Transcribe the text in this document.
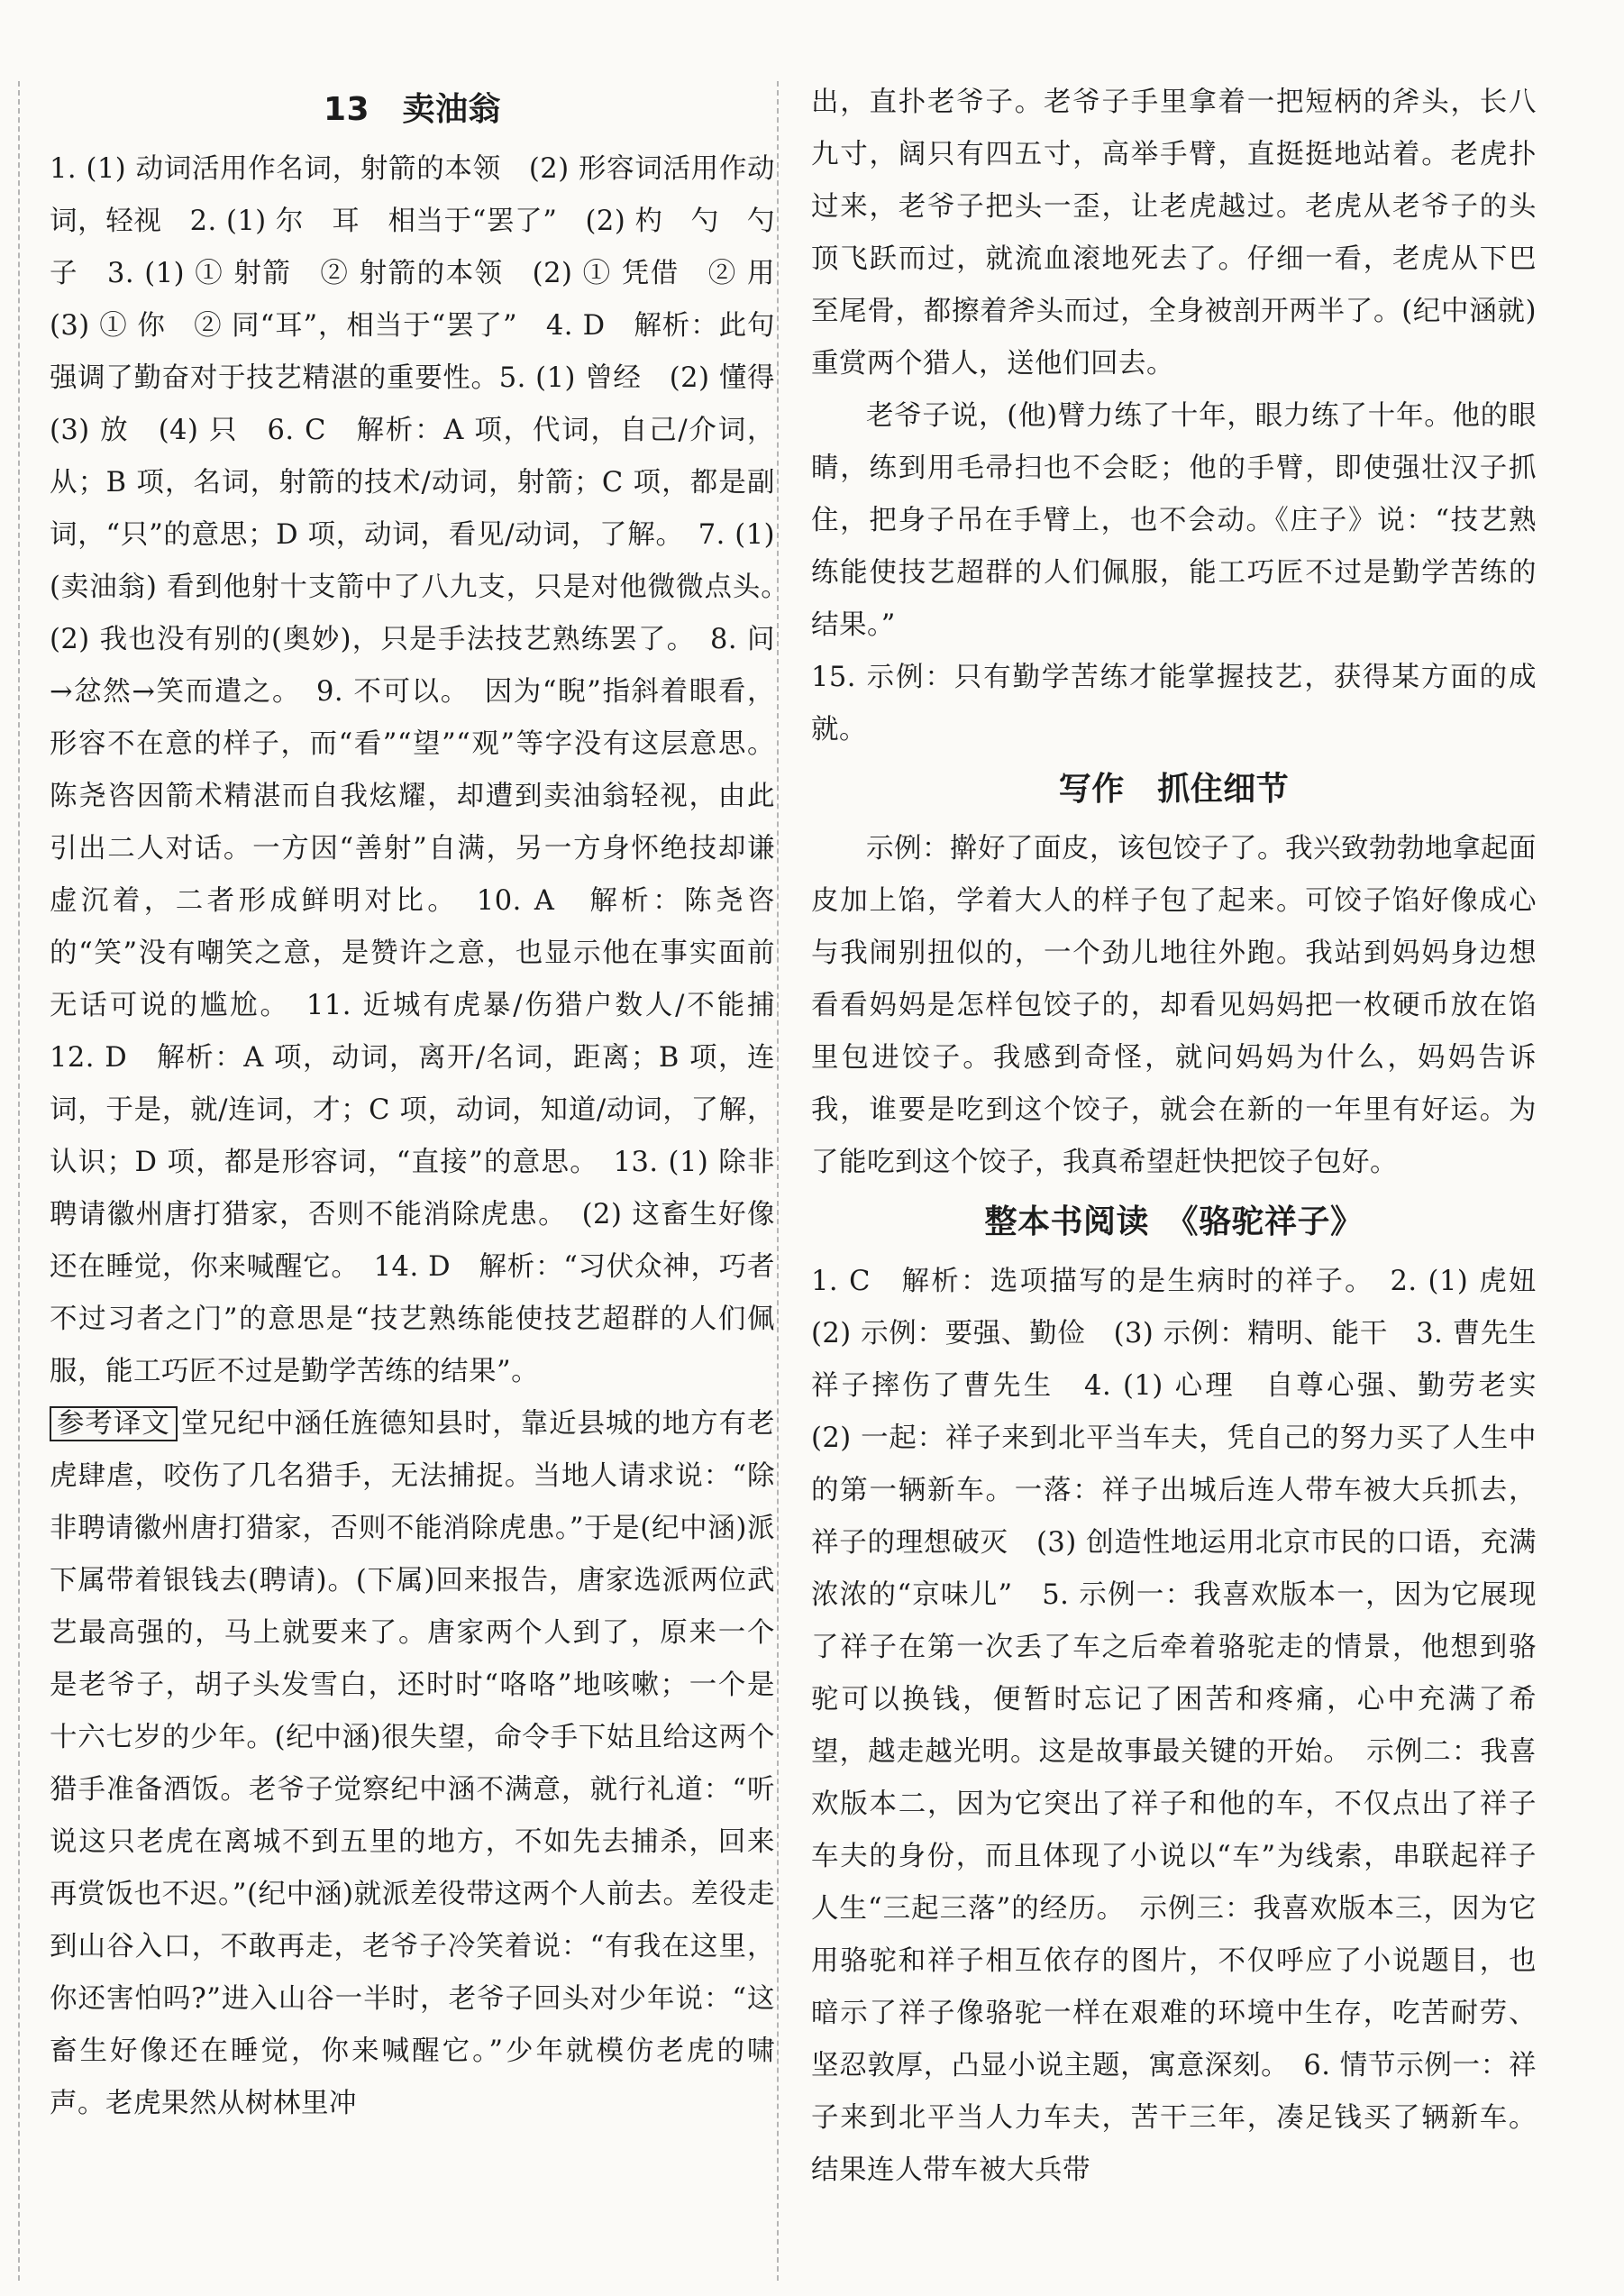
13　卖油翁

1. (1) 动词活用作名词，射箭的本领　(2) 形容词活用作动词，轻视　2. (1) 尔　耳　相当于“罢了”　(2) 杓　勺　勺子　3. (1) ① 射箭　② 射箭的本领　(2) ① 凭借　② 用　(3) ① 你　② 同“耳”，相当于“罢了”　4. D　解析：此句强调了勤奋对于技艺精湛的重要性。5. (1) 曾经　(2) 懂得　(3) 放　(4) 只　6. C　解析：A 项，代词，自己/介词，从；B 项，名词，射箭的技术/动词，射箭；C 项，都是副词，“只”的意思；D 项，动词，看见/动词，了解。　7. (1) (卖油翁) 看到他射十支箭中了八九支，只是对他微微点头。　(2) 我也没有别的(奥妙)，只是手法技艺熟练罢了。　8. 问→忿然→笑而遣之。　9. 不可以。　因为“睨”指斜着眼看，形容不在意的样子，而“看”“望”“观”等字没有这层意思。陈尧咨因箭术精湛而自我炫耀，却遭到卖油翁轻视，由此引出二人对话。一方因“善射”自满，另一方身怀绝技却谦虚沉着，二者形成鲜明对比。　10. A　解析：陈尧咨的“笑”没有嘲笑之意，是赞许之意，也显示他在事实面前无话可说的尴尬。　11. 近城有虎暴/伤猎户数人/不能捕　12. D　解析：A 项，动词，离开/名词，距离；B 项，连词，于是，就/连词，才；C 项，动词，知道/动词，了解，认识；D 项，都是形容词，“直接”的意思。　13. (1) 除非聘请徽州唐打猎家，否则不能消除虎患。　(2) 这畜生好像还在睡觉，你来喊醒它。　14. D　解析：“习伏众神，巧者不过习者之门”的意思是“技艺熟练能使技艺超群的人们佩服，能工巧匠不过是勤学苦练的结果”。

参考译文 堂兄纪中涵任旌德知县时，靠近县城的地方有老虎肆虐，咬伤了几名猎手，无法捕捉。当地人请求说：“除非聘请徽州唐打猎家，否则不能消除虎患。”于是(纪中涵)派下属带着银钱去(聘请)。(下属)回来报告，唐家选派两位武艺最高强的，马上就要来了。唐家两个人到了，原来一个是老爷子，胡子头发雪白，还时时“咯咯”地咳嗽；一个是十六七岁的少年。(纪中涵)很失望，命令手下姑且给这两个猎手准备酒饭。老爷子觉察纪中涵不满意，就行礼道：“听说这只老虎在离城不到五里的地方，不如先去捕杀，回来再赏饭也不迟。”(纪中涵)就派差役带这两个人前去。差役走到山谷入口，不敢再走，老爷子冷笑着说：“有我在这里，你还害怕吗?”进入山谷一半时，老爷子回头对少年说：“这畜生好像还在睡觉，你来喊醒它。”少年就模仿老虎的啸声。老虎果然从树林里冲

出，直扑老爷子。老爷子手里拿着一把短柄的斧头，长八九寸，阔只有四五寸，高举手臂，直挺挺地站着。老虎扑过来，老爷子把头一歪，让老虎越过。老虎从老爷子的头顶飞跃而过，就流血滚地死去了。仔细一看，老虎从下巴至尾骨，都擦着斧头而过，全身被剖开两半了。(纪中涵就)重赏两个猎人，送他们回去。

老爷子说，(他)臂力练了十年，眼力练了十年。他的眼睛，练到用毛帚扫也不会眨；他的手臂，即使强壮汉子抓住，把身子吊在手臂上，也不会动。《庄子》说：“技艺熟练能使技艺超群的人们佩服，能工巧匠不过是勤学苦练的结果。”

15. 示例：只有勤学苦练才能掌握技艺，获得某方面的成就。

写作　抓住细节

示例：擀好了面皮，该包饺子了。我兴致勃勃地拿起面皮加上馅，学着大人的样子包了起来。可饺子馅好像成心与我闹别扭似的，一个劲儿地往外跑。我站到妈妈身边想看看妈妈是怎样包饺子的，却看见妈妈把一枚硬币放在馅里包进饺子。我感到奇怪，就问妈妈为什么，妈妈告诉我，谁要是吃到这个饺子，就会在新的一年里有好运。为了能吃到这个饺子，我真希望赶快把饺子包好。

整本书阅读　《骆驼祥子》

1. C　解析：选项描写的是生病时的祥子。　2. (1) 虎妞　(2) 示例：要强、勤俭　(3) 示例：精明、能干　3. 曹先生　祥子摔伤了曹先生　4. (1) 心理　自尊心强、勤劳老实　(2) 一起：祥子来到北平当车夫，凭自己的努力买了人生中的第一辆新车。一落：祥子出城后连人带车被大兵抓去，祥子的理想破灭　(3) 创造性地运用北京市民的口语，充满浓浓的“京味儿”　5. 示例一：我喜欢版本一，因为它展现了祥子在第一次丢了车之后牵着骆驼走的情景，他想到骆驼可以换钱，便暂时忘记了困苦和疼痛，心中充满了希望，越走越光明。这是故事最关键的开始。　示例二：我喜欢版本二，因为它突出了祥子和他的车，不仅点出了祥子车夫的身份，而且体现了小说以“车”为线索，串联起祥子人生“三起三落”的经历。　示例三：我喜欢版本三，因为它用骆驼和祥子相互依存的图片，不仅呼应了小说题目，也暗示了祥子像骆驼一样在艰难的环境中生存，吃苦耐劳、坚忍敦厚，凸显小说主题，寓意深刻。　6. 情节示例一：祥子来到北平当人力车夫，苦干三年，凑足钱买了辆新车。结果连人带车被大兵带
